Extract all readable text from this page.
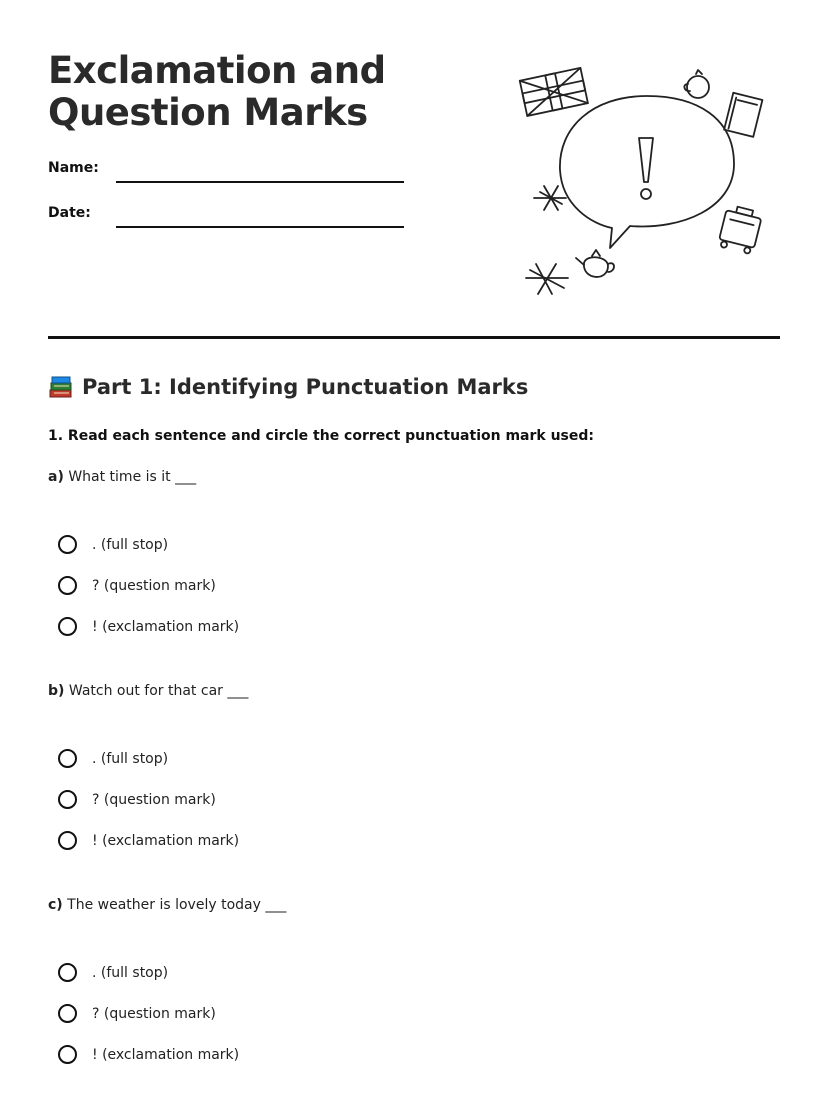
Exclamation and
Question Marks
Name:
Date:
Part 1: Identifying Punctuation Marks
1. Read each sentence and circle the correct punctuation mark used:
a) What time is it ___
. (full stop)
? (question mark)
! (exclamation mark)
b) Watch out for that car ___
. (full stop)
? (question mark)
! (exclamation mark)
c) The weather is lovely today ___
. (full stop)
? (question mark)
! (exclamation mark)
